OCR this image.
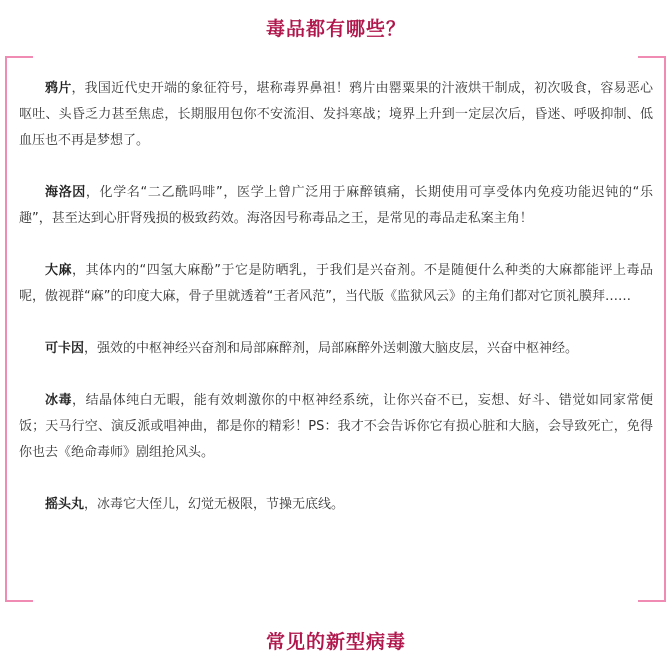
毒品都有哪些？

鸦片，我国近代史开端的象征符号，堪称毒界鼻祖！鸦片由罂粟果的汁液烘干制成，初次吸食，容易恶心呕吐、头昏乏力甚至焦虑，长期服用包你不安流泪、发抖寒战；境界上升到一定层次后，昏迷、呼吸抑制、低血压也不再是梦想了。

海洛因，化学名“二乙酰吗啡”，医学上曾广泛用于麻醉镇痛，长期使用可享受体内免疫功能迟钝的“乐趣”，甚至达到心肝肾残损的极致药效。海洛因号称毒品之王，是常见的毒品走私案主角！

大麻，其体内的“四氢大麻酚”于它是防晒乳，于我们是兴奋剂。不是随便什么种类的大麻都能评上毒品呢，傲视群“麻”的印度大麻，骨子里就透着“王者风范”，当代版《监狱风云》的主角们都对它顶礼膜拜……

可卡因，强效的中枢神经兴奋剂和局部麻醉剂，局部麻醉外送刺激大脑皮层，兴奋中枢神经。

冰毒，结晶体纯白无暇，能有效刺激你的中枢神经系统，让你兴奋不已，妄想、好斗、错觉如同家常便饭；天马行空、演反派或唱神曲，都是你的精彩！PS：我才不会告诉你它有损心脏和大脑，会导致死亡，免得你也去《绝命毒师》剧组抢风头。

摇头丸，冰毒它大侄儿，幻觉无极限，节操无底线。

常见的新型病毒
